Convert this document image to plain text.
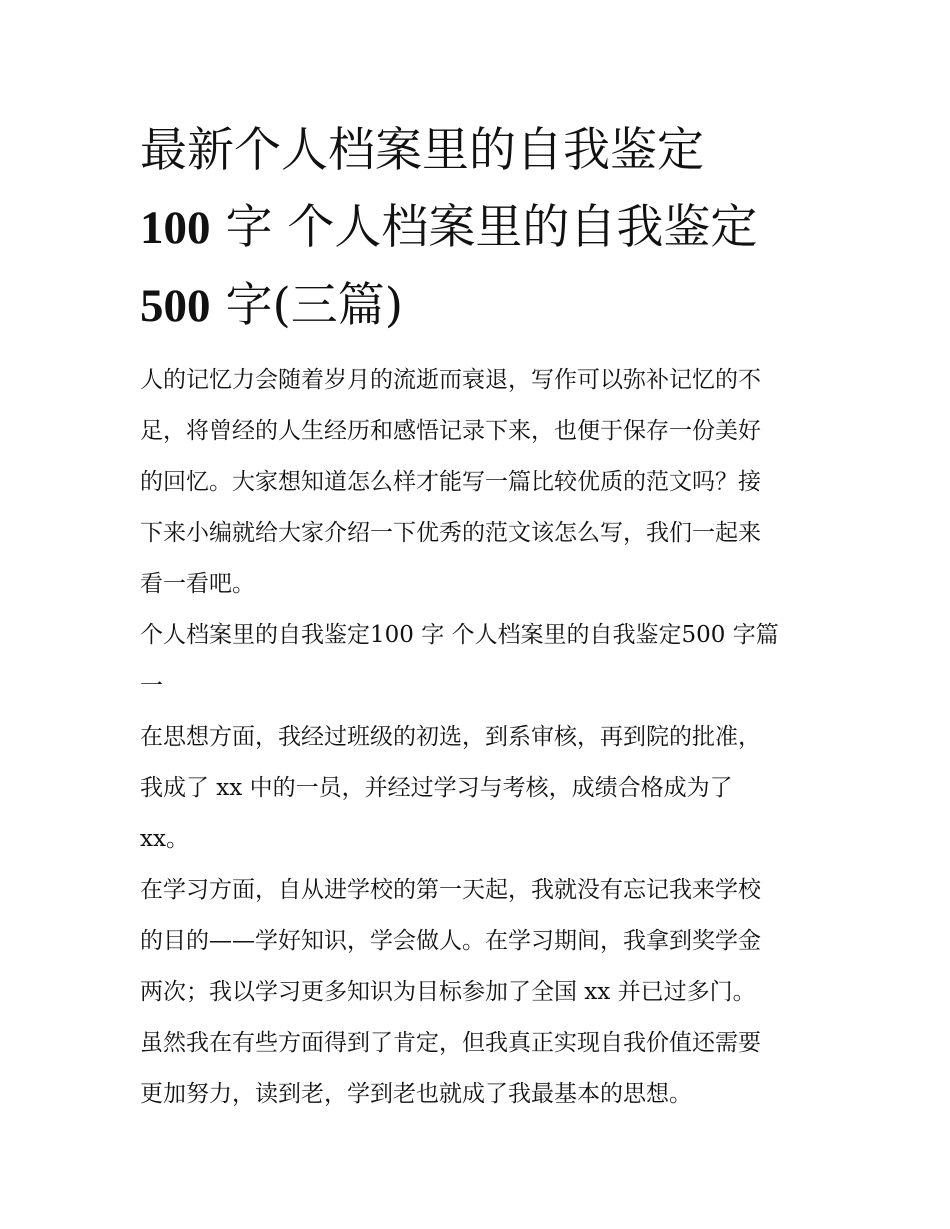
最新个人档案里的自我鉴定
100 字 个人档案里的自我鉴定
500 字(三篇)

人的记忆力会随着岁月的流逝而衰退，写作可以弥补记忆的不
足，将曾经的人生经历和感悟记录下来，也便于保存一份美好
的回忆。大家想知道怎么样才能写一篇比较优质的范文吗？接
下来小编就给大家介绍一下优秀的范文该怎么写，我们一起来
看一看吧。

个人档案里的自我鉴定100 字 个人档案里的自我鉴定500 字篇
一

在思想方面，我经过班级的初选，到系审核，再到院的批准，
我成了 xx 中的一员，并经过学习与考核，成绩合格成为了
xx。

在学习方面，自从进学校的第一天起，我就没有忘记我来学校
的目的——学好知识，学会做人。在学习期间，我拿到奖学金
两次；我以学习更多知识为目标参加了全国 xx 并已过多门。
虽然我在有些方面得到了肯定，但我真正实现自我价值还需要
更加努力，读到老，学到老也就成了我最基本的思想。
